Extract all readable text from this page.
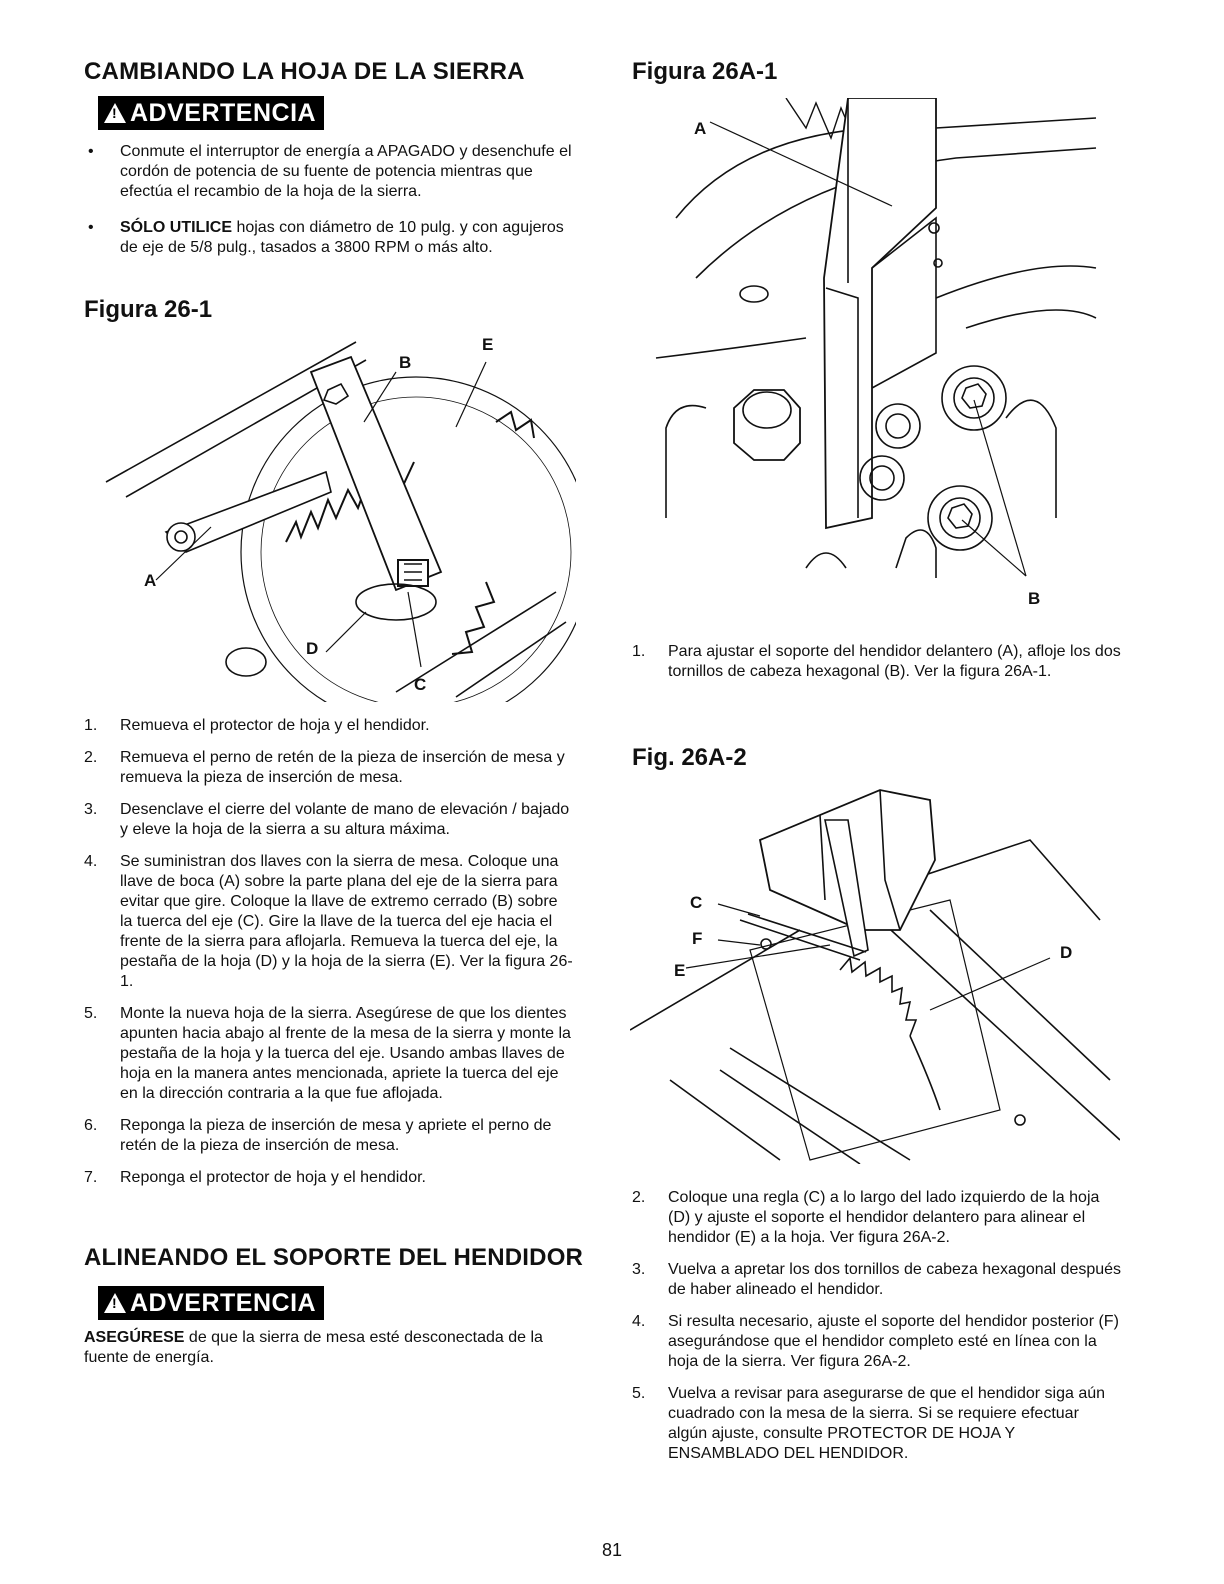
CAMBIANDO LA HOJA DE LA SIERRA
!ADVERTENCIA
• Conmute el interruptor de energía a APAGADO y desenchufe el cordón de potencia de su fuente de potencia mientras que efectúa el recambio de la hoja de la sierra.
• SÓLO UTILICE hojas con diámetro de 10 pulg. y con agujeros de eje de 5/8 pulg., tasados a 3800 RPM o más alto.
Figura 26-1
B
E
A
D
C
1. Remueva el protector de hoja y el hendidor.
2. Remueva el perno de retén de la pieza de inserción de mesa y remueva la pieza de inserción de mesa.
3. Desenclave el cierre del volante de mano de elevación / bajado y eleve la hoja de la sierra a su altura máxima.
4. Se suministran dos llaves con la sierra de mesa. Coloque una llave de boca (A) sobre la parte plana del eje de la sierra para evitar que gire. Coloque la llave de extremo cerrado (B) sobre la tuerca del eje (C). Gire la llave de la tuerca del eje hacia el frente de la sierra para aflojarla. Remueva la tuerca del eje, la pestaña de la hoja (D) y la hoja de la sierra (E). Ver la figura 26-1.
5. Monte la nueva hoja de la sierra. Asegúrese de que los dientes apunten hacia abajo al frente de la mesa de la sierra y monte la pestaña de la hoja y la tuerca del eje. Usando ambas llaves de hoja en la manera antes mencionada, apriete la tuerca del eje en la dirección contraria a la que fue aflojada.
6. Reponga la pieza de inserción de mesa y apriete el perno de retén de la pieza de inserción de mesa.
7. Reponga el protector de hoja y el hendidor.
ALINEANDO EL SOPORTE DEL HENDIDOR
!ADVERTENCIA

ASEGÚRESE de que la sierra de mesa esté desconectada de la fuente de energía.

Figura 26A-1
A
B
1. Para ajustar el soporte del hendidor delantero (A), afloje los dos tornillos de cabeza hexagonal (B). Ver la figura 26A-1.
Fig. 26A-2
C
F
E
D
2. Coloque una regla (C) a lo largo del lado izquierdo de la hoja (D) y ajuste el soporte el hendidor delantero para alinear el hendidor (E) a la hoja. Ver figura 26A-2.
3. Vuelva a apretar los dos tornillos de cabeza hexagonal después de haber alineado el hendidor.
4. Si resulta necesario, ajuste el soporte del hendidor posterior (F) asegurándose que el hendidor completo esté en línea con la hoja de la sierra. Ver figura 26A-2.
5. Vuelva a revisar para asegurarse de que el hendidor siga aún cuadrado con la mesa de la sierra. Si se requiere efectuar algún ajuste, consulte PROTECTOR DE HOJA Y ENSAMBLADO DEL HENDIDOR.
81
